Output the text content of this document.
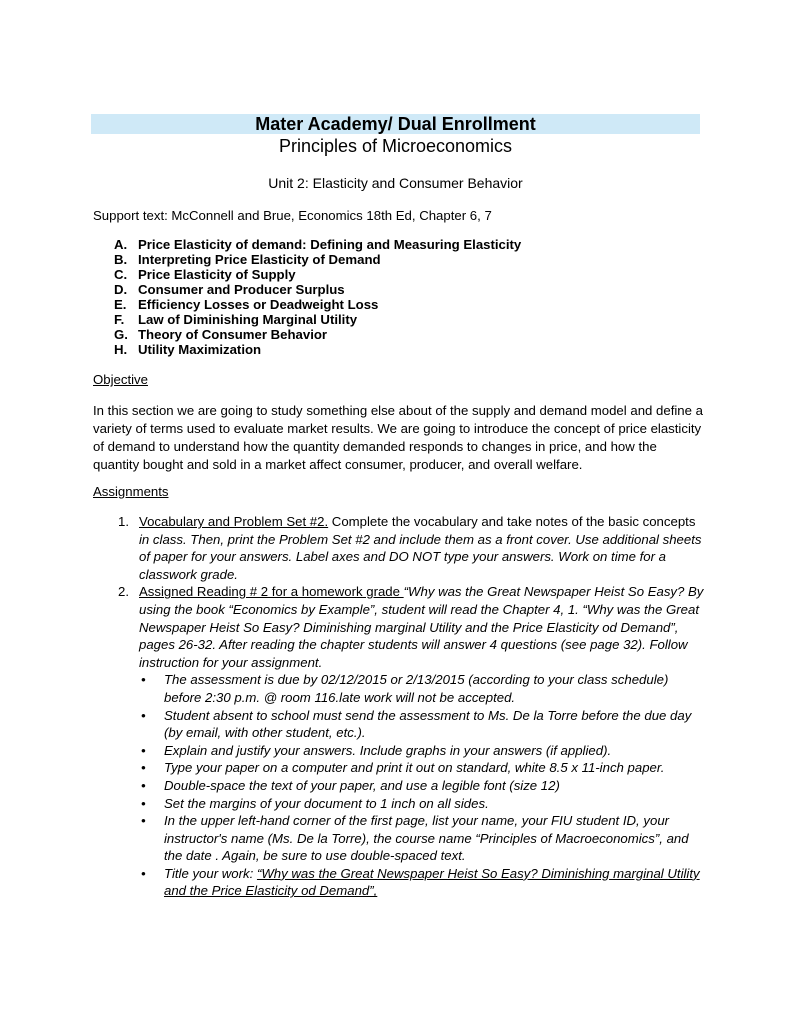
Mater Academy/ Dual Enrollment
Principles of Microeconomics
Unit 2: Elasticity and Consumer Behavior
Support text: McConnell and Brue, Economics 18th Ed, Chapter 6, 7
A. Price Elasticity of demand: Defining and Measuring Elasticity
B. Interpreting Price Elasticity of Demand
C. Price Elasticity of Supply
D. Consumer and Producer Surplus
E. Efficiency Losses or Deadweight Loss
F. Law of Diminishing Marginal Utility
G. Theory of Consumer Behavior
H. Utility Maximization
Objective
In this section we are going to study something else about of the supply and demand model and define a variety of terms used to evaluate market results. We are going to introduce the concept of price elasticity of demand to understand how the quantity demanded responds to changes in price, and how the quantity bought and sold in a market affect consumer, producer, and overall welfare.
Assignments
1. Vocabulary and Problem Set #2. Complete the vocabulary and take notes of the basic concepts in class. Then, print the Problem Set #2 and include them as a front cover. Use additional sheets of paper for your answers. Label axes and DO NOT type your answers. Work on time for a classwork grade.
2. Assigned Reading # 2 for a homework grade “Why was the Great Newspaper Heist So Easy? By using the book “Economics by Example”, student will read the Chapter 4, 1. “Why was the Great Newspaper Heist So Easy? Diminishing marginal Utility and the Price Elasticity od Demand”, pages 26-32. After reading the chapter students will answer 4 questions (see page 32). Follow instruction for your assignment.
• The assessment is due by 02/12/2015 or 2/13/2015 (according to your class schedule) before 2:30 p.m. @ room 116.late work will not be accepted.
• Student absent to school must send the assessment to Ms. De la Torre before the due day (by email, with other student, etc.).
• Explain and justify your answers. Include graphs in your answers (if applied).
• Type your paper on a computer and print it out on standard, white 8.5 x 11-inch paper.
• Double-space the text of your paper, and use a legible font (size 12)
• Set the margins of your document to 1 inch on all sides.
• In the upper left-hand corner of the first page, list your name, your FIU student ID, your instructor's name (Ms. De la Torre), the course name “Principles of Macroeconomics”, and the date . Again, be sure to use double-spaced text.
• Title your work: “Why was the Great Newspaper Heist So Easy? Diminishing marginal Utility and the Price Elasticity od Demand”,
